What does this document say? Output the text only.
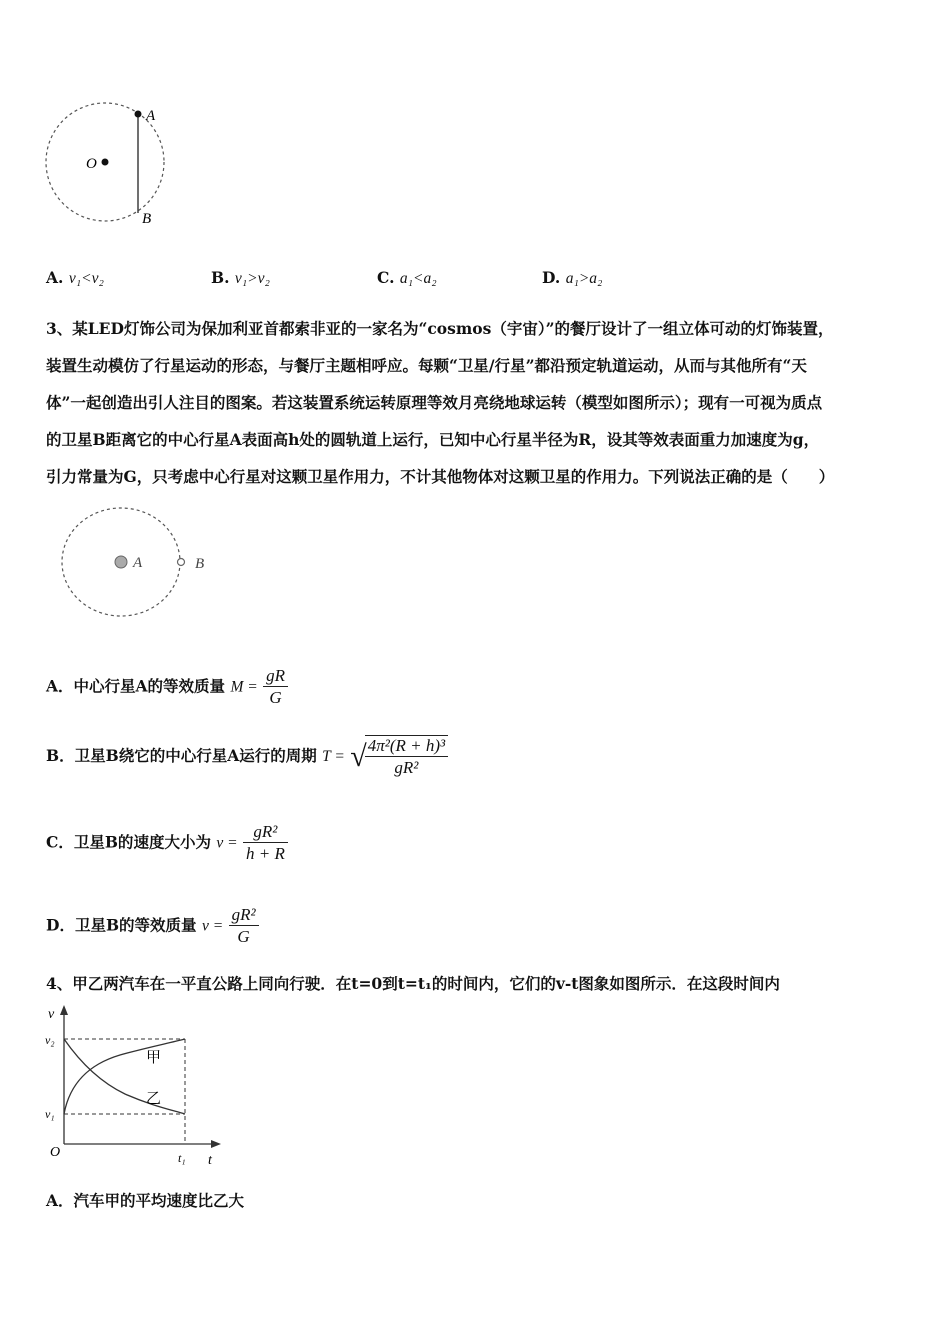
O
A
B
A. v₁<v₂	B. v₁>v₂	C. a₁<a₂	D. a₁>a₂
3、某LED灯饰公司为保加利亚首都索非亚的一家名为“cosmos（宇宙）”的餐厅设计了一组立体可动的灯饰装置，
装置生动模仿了行星运动的形态，与餐厅主题相呼应。每颗“卫星/行星”都沿预定轨道运动，从而与其他所有“天
体”一起创造出引人注目的图案。若这装置系统运转原理等效月亮绕地球运转（模型如图所示）；现有一可视为质点
的卫星B距离它的中心行星A表面高h处的圆轨道上运行，已知中心行星半径为R，设其等效表面重力加速度为g，
引力常量为G，只考虑中心行星对这颗卫星作用力，不计其他物体对这颗卫星的作用力。下列说法正确的是（　　）
A	B
A．中心行星A的等效质量 $M = \frac{gR}{G}$
B．卫星B绕它的中心行星A运行的周期 T = √
$\frac{\text{4π²(R + h)³}}{\text{gR²}}$
C．卫星B的速度大小为 $v = \frac{\text{gR²}}{h + R}$
D．卫星B的等效质量 $v = \frac{\text{gR²}}{G}$
4、甲乙两汽车在一平直公路上同向行驶．在t=0到t=t₁的时间内，它们的v-t图象如图所示．在这段时间内
v
t
O
v₂
v₁
t₁
甲
乙
A．汽车甲的平均速度比乙大
